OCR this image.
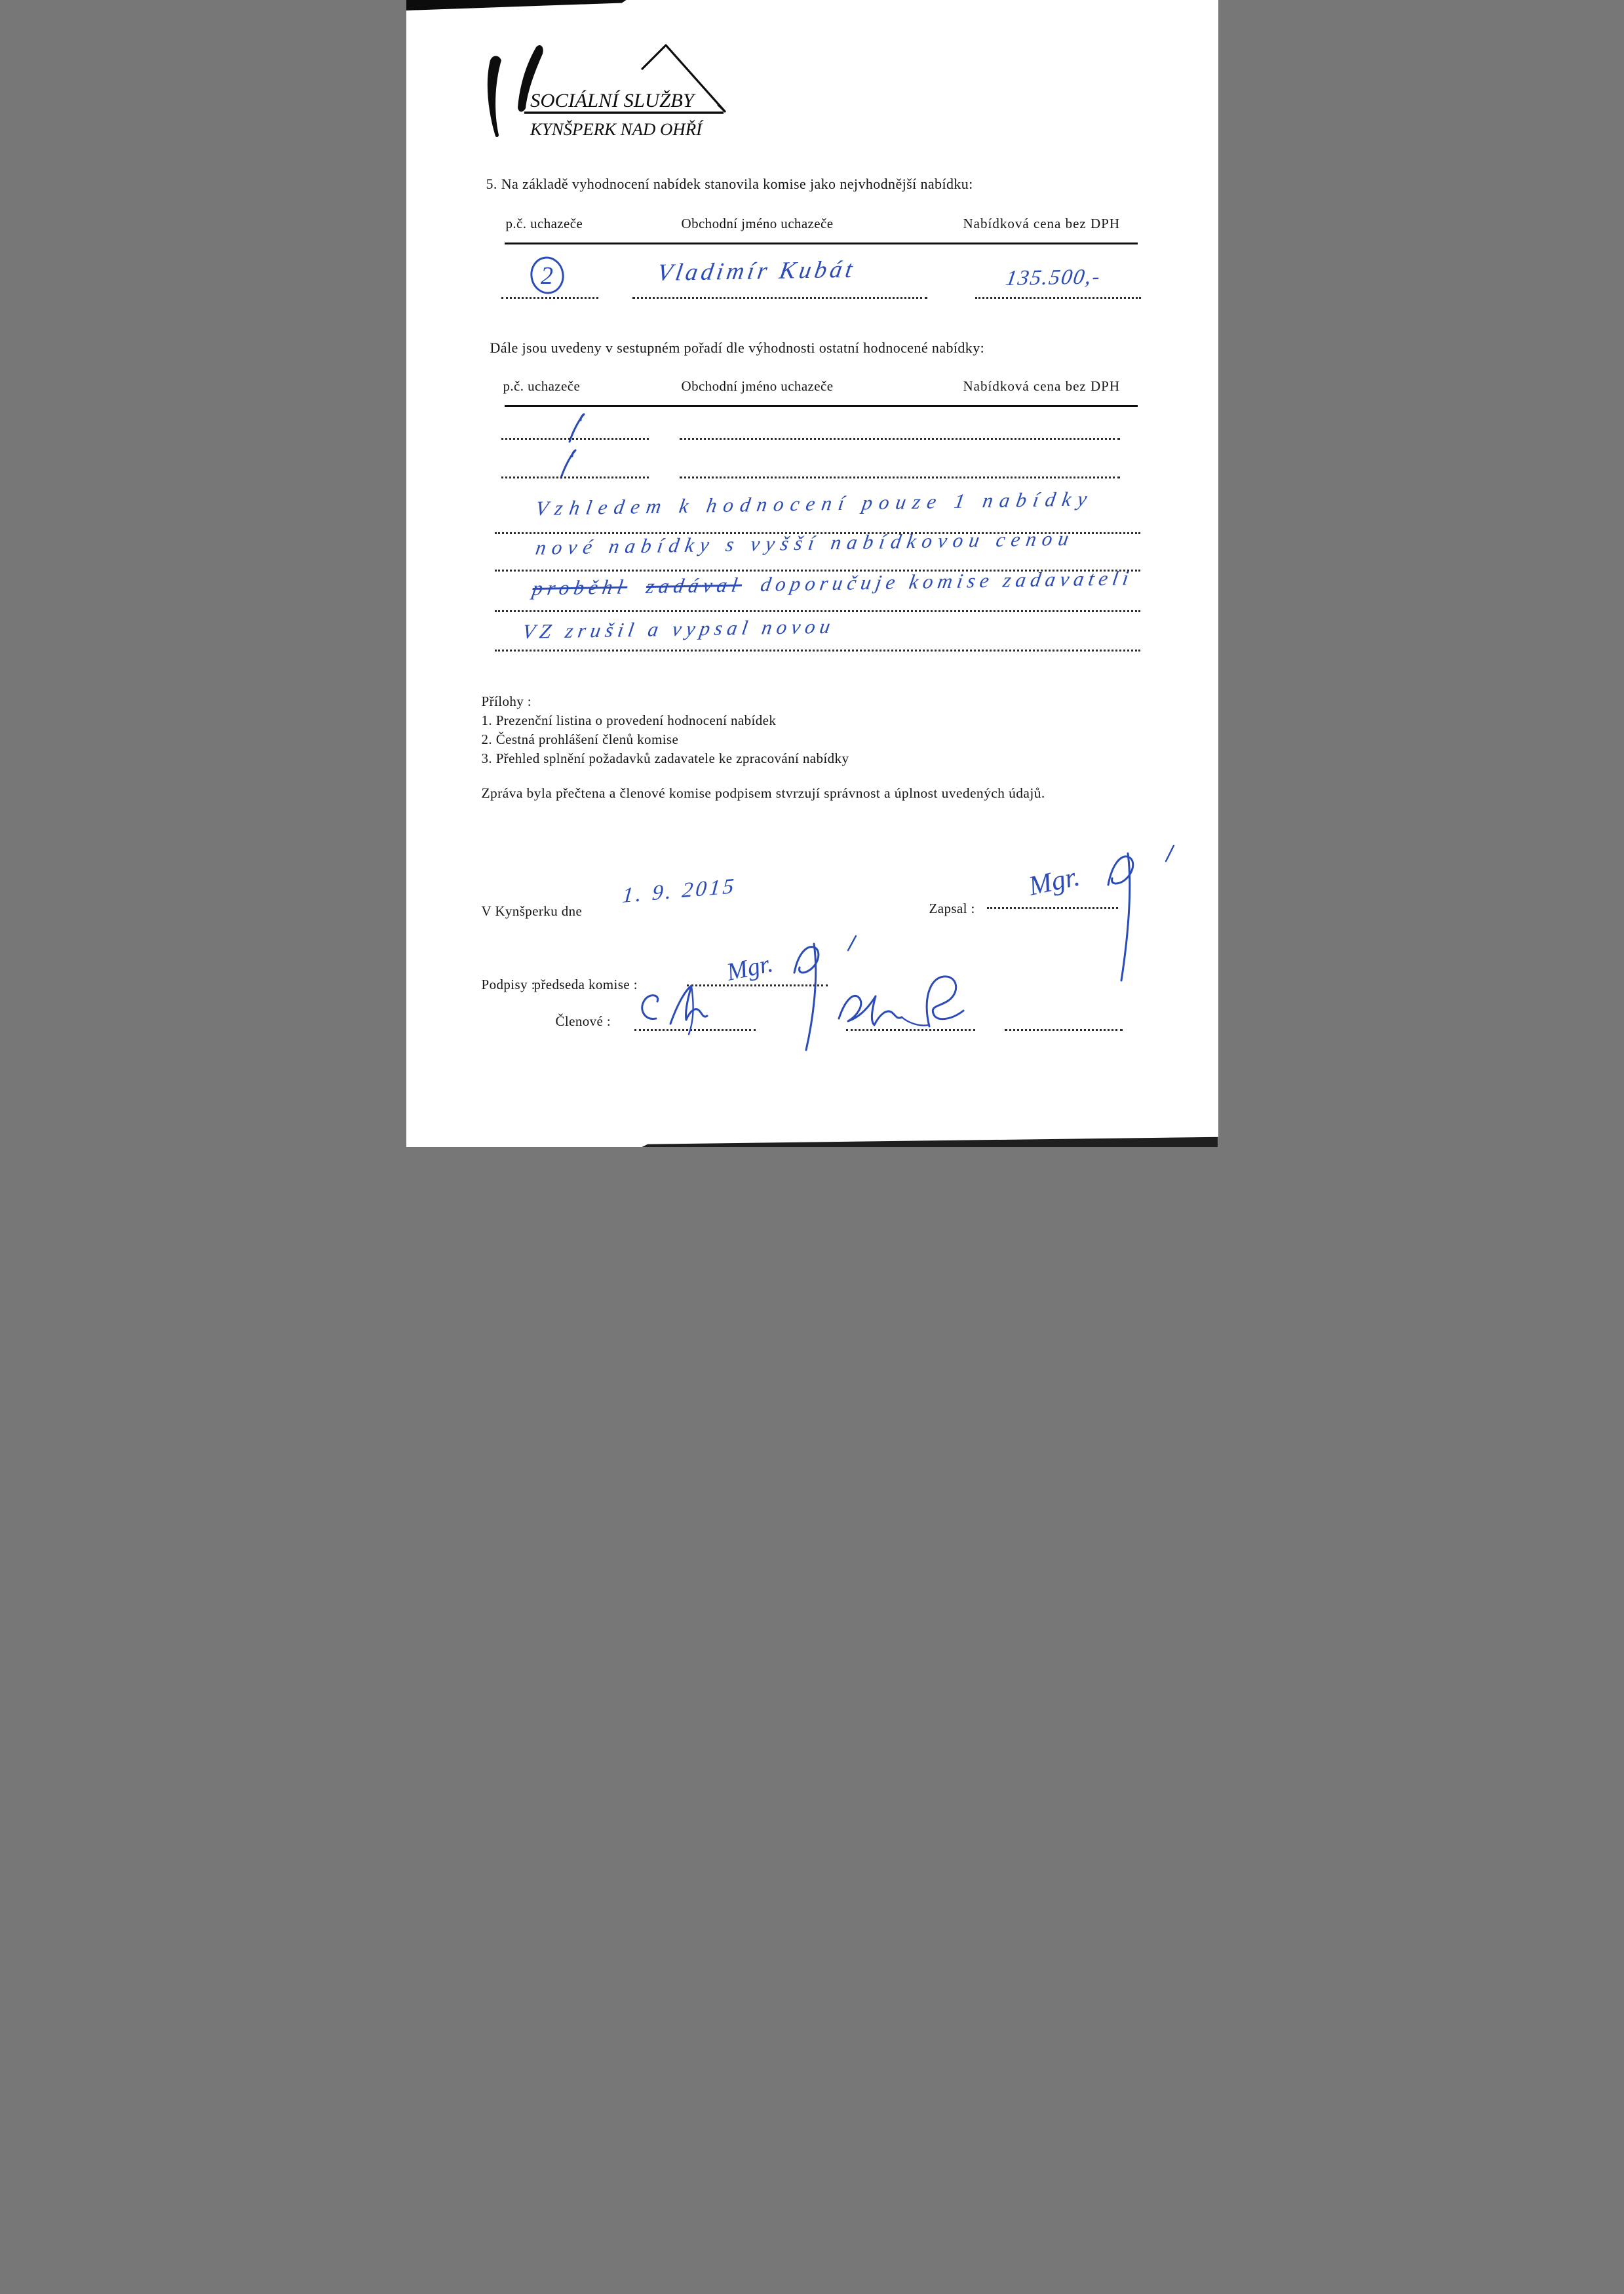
SOCIÁLNÍ SLUŽBY
KYNŠPERK NAD OHŘÍ
5. Na základě vyhodnocení nabídek stanovila komise jako nejvhodnější nabídku:
p.č. uchazeče	Obchodní jméno uchazeče	Nabídková cena bez DPH
2	Vladimír Kubát	135.500,-
Dále jsou uvedeny v sestupném pořadí dle výhodnosti ostatní hodnocené nabídky:
p.č. uchazeče	Obchodní jméno uchazeče	Nabídková cena bez DPH
Vzhledem k hodnocení pouze 1 nabídky
nové nabídky s vyšší nabídkovou cenou
proběhl zadával doporučuje komise zadavateli
VZ zrušil a vypsal novou
Přílohy :
1. Prezenční listina o provedení hodnocení nabídek
2. Čestná prohlášení členů komise
3. Přehled splnění požadavků zadavatele ke zpracování nabídky
Zpráva byla přečtena a členové komise podpisem stvrzují správnost a úplnost uvedených údajů.
V Kynšperku dne
1. 9. 2015
Zapsal :
Mgr.
Podpisy :
předseda komise :	Mgr.
Členové :
